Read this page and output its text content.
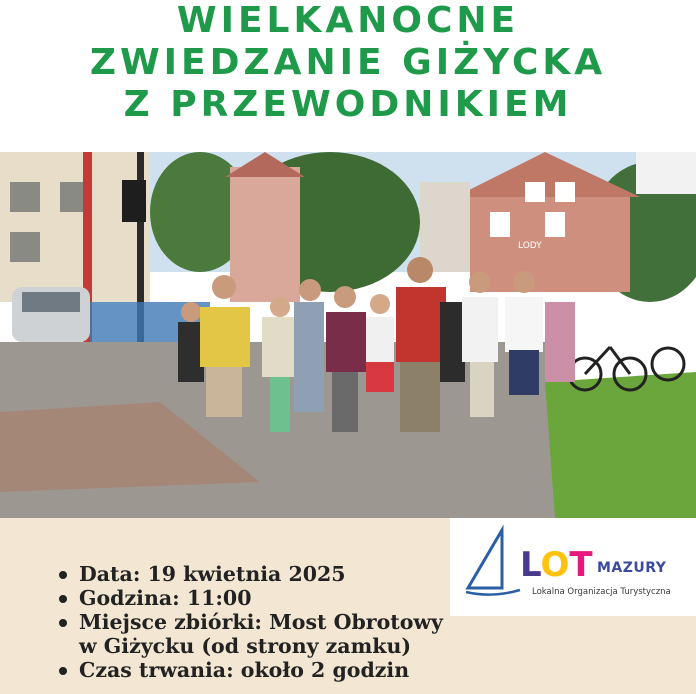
WIELKANOCNE
ZWIEDZANIE GIŻYCKA
Z PRZEWODNIKIEM
LODY
LOT MAZURY
Lokalna Organizacja Turystyczna
Data: 19 kwietnia 2025
Godzina: 11:00
Miejsce zbiórki: Most Obrotowy
w Giżycku (od strony zamku)
Czas trwania: około 2 godzin
